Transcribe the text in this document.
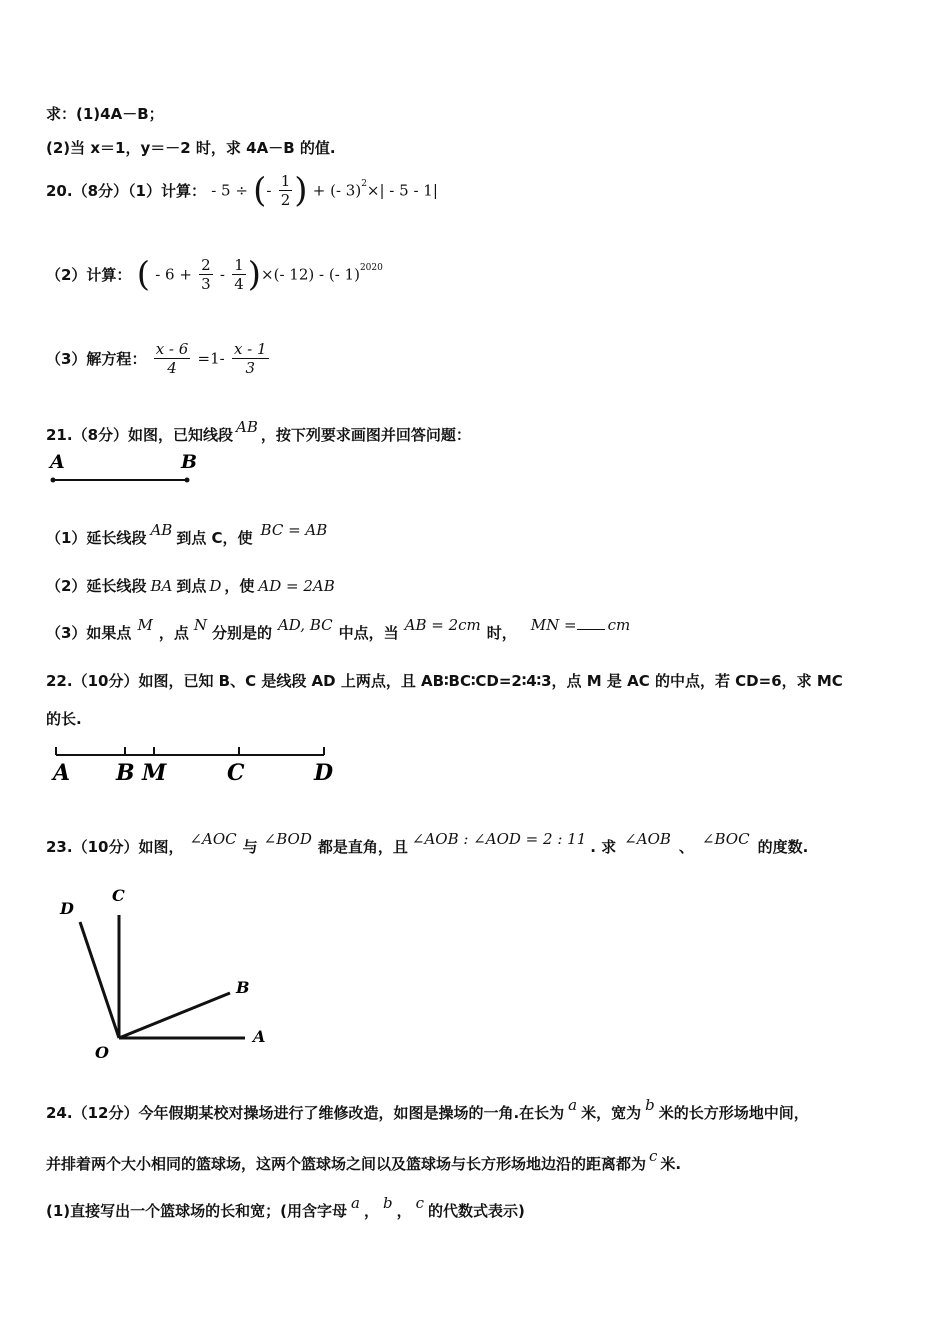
求：(1)4A－B；
(2)当 x＝1，y＝－2 时，求 4A－B 的值.
20.（8分）（1）计算： - 5 ÷ (- $\frac{1}{2}$ ) + (- 3)$^2$×| - 5 - 1|
（2）计算： ( - $6 + \frac{2}{3} - \frac{1}{4}$ )×(- 12) - (- 1)$^{2020}$
（3）解方程： $\frac{x - 6}{4} =1- \frac{x - 1}{3}$
21.（8分）如图，已知线段 AB ，按下列要求画图并回答问题：
A	B
（1）延长线段 AB 到点 C，使 BC = AB
（2）延长线段 BA 到点 D ，使 AD = 2AB
（3）如果点 M ，点 N 分别是的 AD, BC 中点，当 AB = 2cm 时， MN = cm
22.（10分）如图，已知 B、C 是线段 AD 上两点，且 AB∶BC∶CD=2∶4∶3，点 M 是 AC 的中点，若 CD=6，求 MC
的长.
A B M	C	D
23.（10分）如图， ∠AOC 与 ∠BOD 都是直角，且 ∠AOB : ∠AOD = 2 : 11 . 求 ∠AOB 、 ∠BOC 的度数.
D
C
B
A
O
24.（12分）今年假期某校对操场进行了维修改造，如图是操场的一角.在长为 a 米，宽为 b 米的长方形场地中间，
并排着两个大小相同的篮球场，这两个篮球场之间以及篮球场与长方形场地边沿的距离都为 c 米.
(1)直接写出一个篮球场的长和宽；(用含字母 a ， b ， c 的代数式表示)
